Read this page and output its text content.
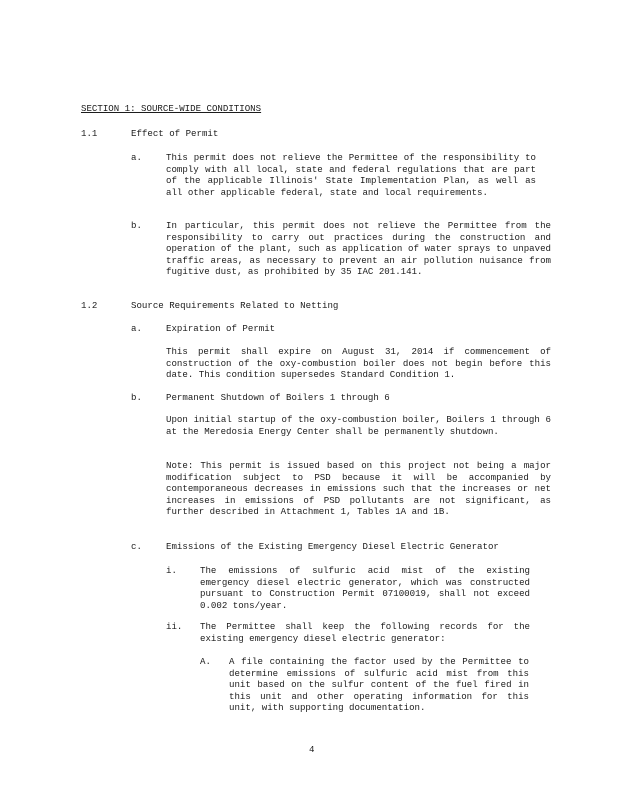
SECTION 1: SOURCE-WIDE CONDITIONS
1.1	Effect of Permit
a.	This permit does not relieve the Permittee of the responsibility to comply with all local, state and federal regulations that are part of the applicable Illinois' State Implementation Plan, as well as all other applicable federal, state and local requirements.

b.	In particular, this permit does not relieve the Permittee from the responsibility to carry out practices during the construction and operation of the plant, such as application of water sprays to unpaved traffic areas, as necessary to prevent an air pollution nuisance from fugitive dust, as prohibited by 35 IAC 201.141.

1.2	Source Requirements Related to Netting
a.	Expiration of Permit

This permit shall expire on August 31, 2014 if commencement of construction of the oxy-combustion boiler does not begin before this date. This condition supersedes Standard Condition 1.

b.	Permanent Shutdown of Boilers 1 through 6

Upon initial startup of the oxy-combustion boiler, Boilers 1 through 6 at the Meredosia Energy Center shall be permanently shutdown.

Note: This permit is issued based on this project not being a major modification subject to PSD because it will be accompanied by contemporaneous decreases in emissions such that the increases or net increases in emissions of PSD pollutants are not significant, as further described in Attachment 1, Tables 1A and 1B.

c.	Emissions of the Existing Emergency Diesel Electric Generator
i.	The emissions of sulfuric acid mist of the existing emergency diesel electric generator, which was constructed pursuant to Construction Permit 07100019, shall not exceed 0.002 tons/year.

ii. The Permittee shall keep the following records for the existing emergency diesel electric generator:

A. A file containing the factor used by the Permittee to determine emissions of sulfuric acid mist from this unit based on the sulfur content of the fuel fired in this unit and other operating information for this unit, with supporting documentation.

4
